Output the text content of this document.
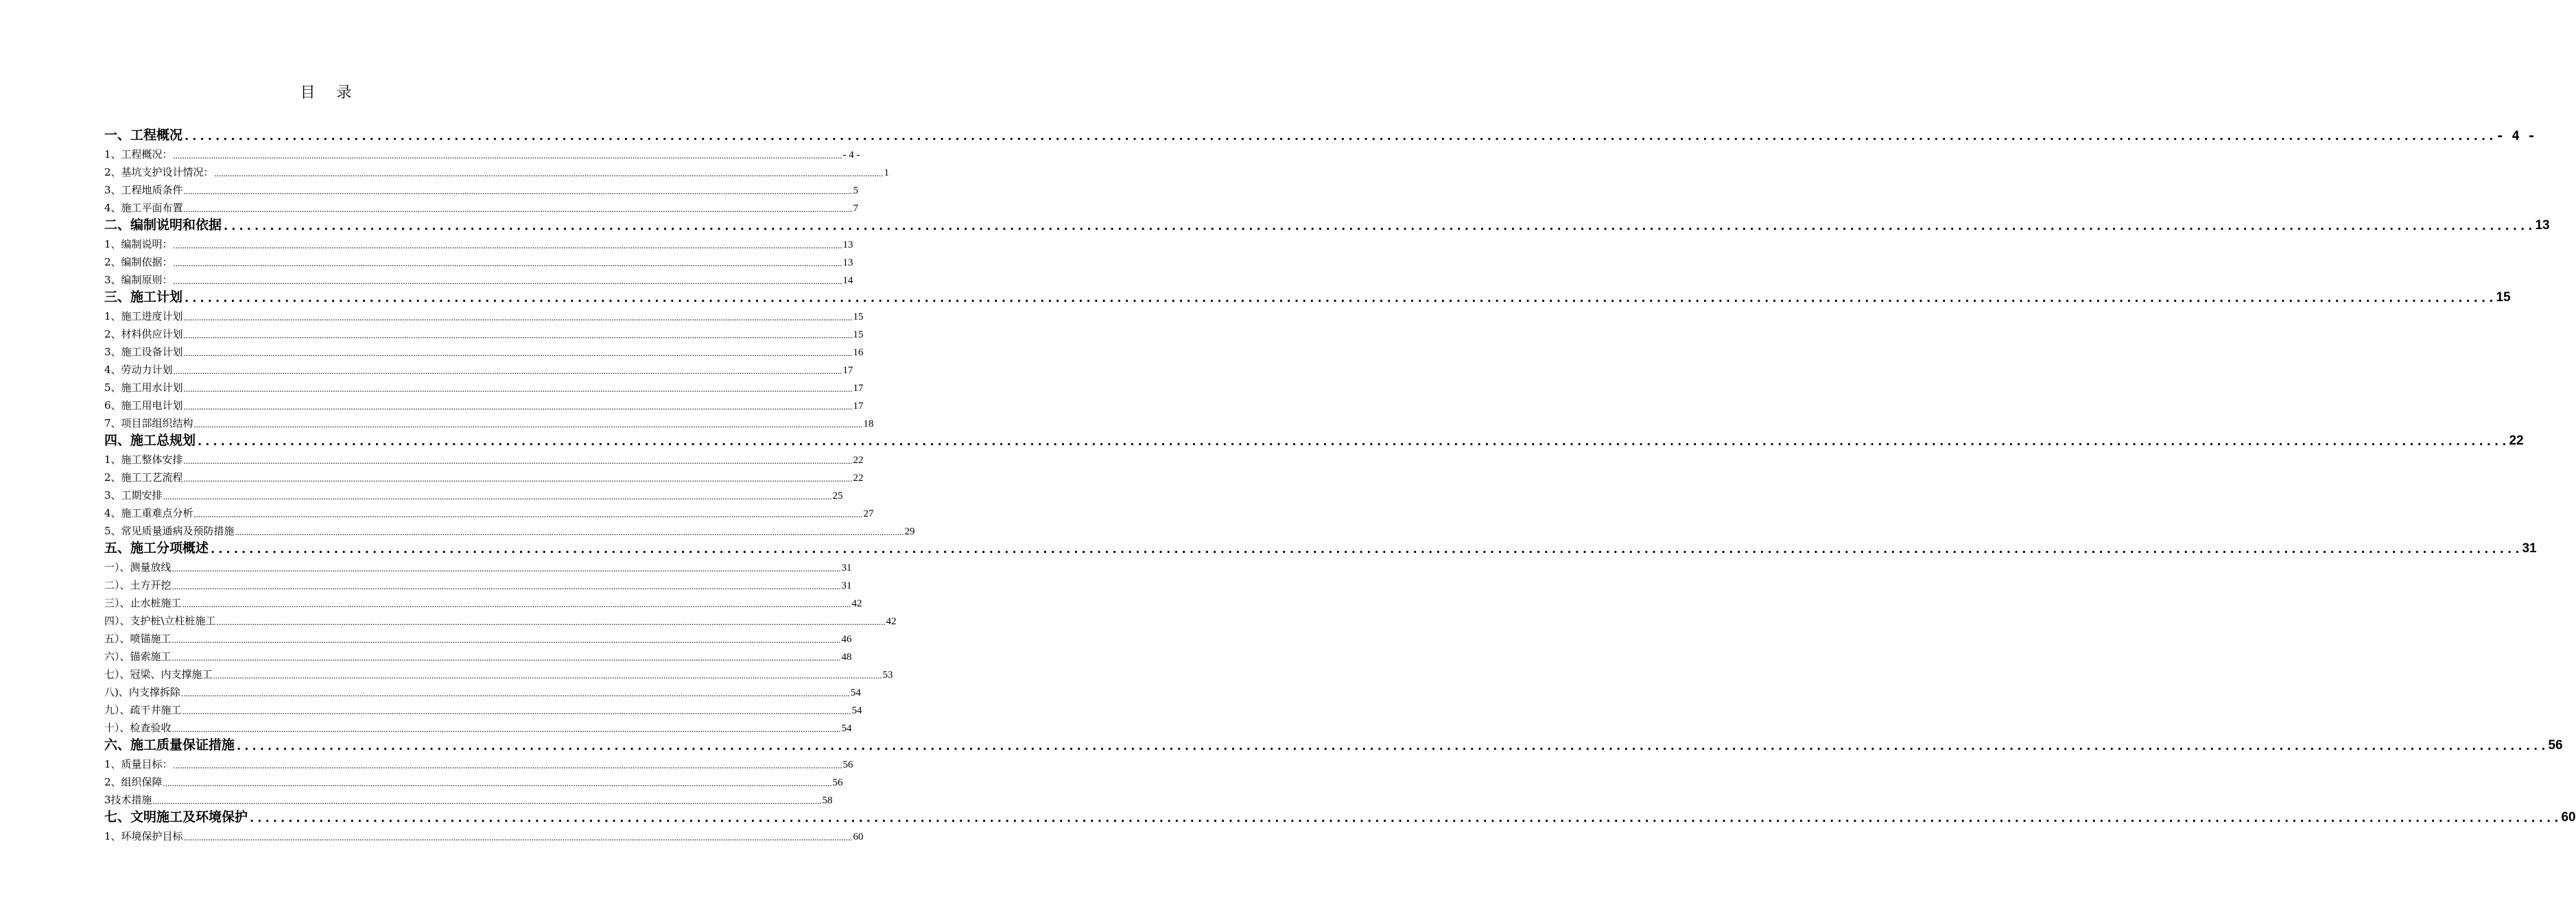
目 录
一、工程概况 ............................................................................................................................................................................................................................................................................................................ - 4 -
1、工程概况： ............................................................................................................................................................................................................................................................................................................ - 4 -
2、基坑支护设计情况： ............................................................................................................................................................................................................................................................................................................ 1
3、工程地质条件 ............................................................................................................................................................................................................................................................................................................ 5
4、施工平面布置 ............................................................................................................................................................................................................................................................................................................ 7
二、编制说明和依据 ............................................................................................................................................................................................................................................................................................................ 13
1、编制说明： ............................................................................................................................................................................................................................................................................................................ 13
2、编制依据： ............................................................................................................................................................................................................................................................................................................ 13
3、编制原则： ............................................................................................................................................................................................................................................................................................................ 14
三、施工计划 ............................................................................................................................................................................................................................................................................................................ 15
1、施工进度计划 ............................................................................................................................................................................................................................................................................................................ 15
2、材料供应计划 ............................................................................................................................................................................................................................................................................................................ 15
3、施工设备计划 ............................................................................................................................................................................................................................................................................................................ 16
4、劳动力计划 ............................................................................................................................................................................................................................................................................................................ 17
5、施工用水计划 ............................................................................................................................................................................................................................................................................................................ 17
6、施工用电计划 ............................................................................................................................................................................................................................................................................................................ 17
7、项目部组织结构 ............................................................................................................................................................................................................................................................................................................ 18
四、施工总规划 ............................................................................................................................................................................................................................................................................................................ 22
1、施工整体安排 ............................................................................................................................................................................................................................................................................................................ 22
2、施工工艺流程 ............................................................................................................................................................................................................................................................................................................ 22
3、工期安排 ............................................................................................................................................................................................................................................................................................................ 25
4、施工重难点分析 ............................................................................................................................................................................................................................................................................................................ 27
5、常见质量通病及预防措施 ............................................................................................................................................................................................................................................................................................................ 29
五、施工分项概述 ............................................................................................................................................................................................................................................................................................................ 31
一）、测量放线 ............................................................................................................................................................................................................................................................................................................ 31
二）、土方开挖 ............................................................................................................................................................................................................................................................................................................ 31
三）、止水桩施工 ............................................................................................................................................................................................................................................................................................................ 42
四）、支护桩\立柱桩施工 ............................................................................................................................................................................................................................................................................................................ 42
五）、喷锚施工 ............................................................................................................................................................................................................................................................................................................ 46
六）、锚索施工 ............................................................................................................................................................................................................................................................................................................ 48
七）、冠梁、内支撑施工 ............................................................................................................................................................................................................................................................................................................ 53
八)、内支撑拆除 ............................................................................................................................................................................................................................................................................................................ 54
九）、疏干井施工 ............................................................................................................................................................................................................................................................................................................ 54
十）、检查验收 ............................................................................................................................................................................................................................................................................................................ 54
六、施工质量保证措施 ............................................................................................................................................................................................................................................................................................................ 56
1、质量目标： ............................................................................................................................................................................................................................................................................................................ 56
2、组织保障 ............................................................................................................................................................................................................................................................................................................ 56
3技术措施 ............................................................................................................................................................................................................................................................................................................ 58
七、文明施工及环境保护 ............................................................................................................................................................................................................................................................................................................ 60
1、环境保护目标 ............................................................................................................................................................................................................................................................................................................ 60
